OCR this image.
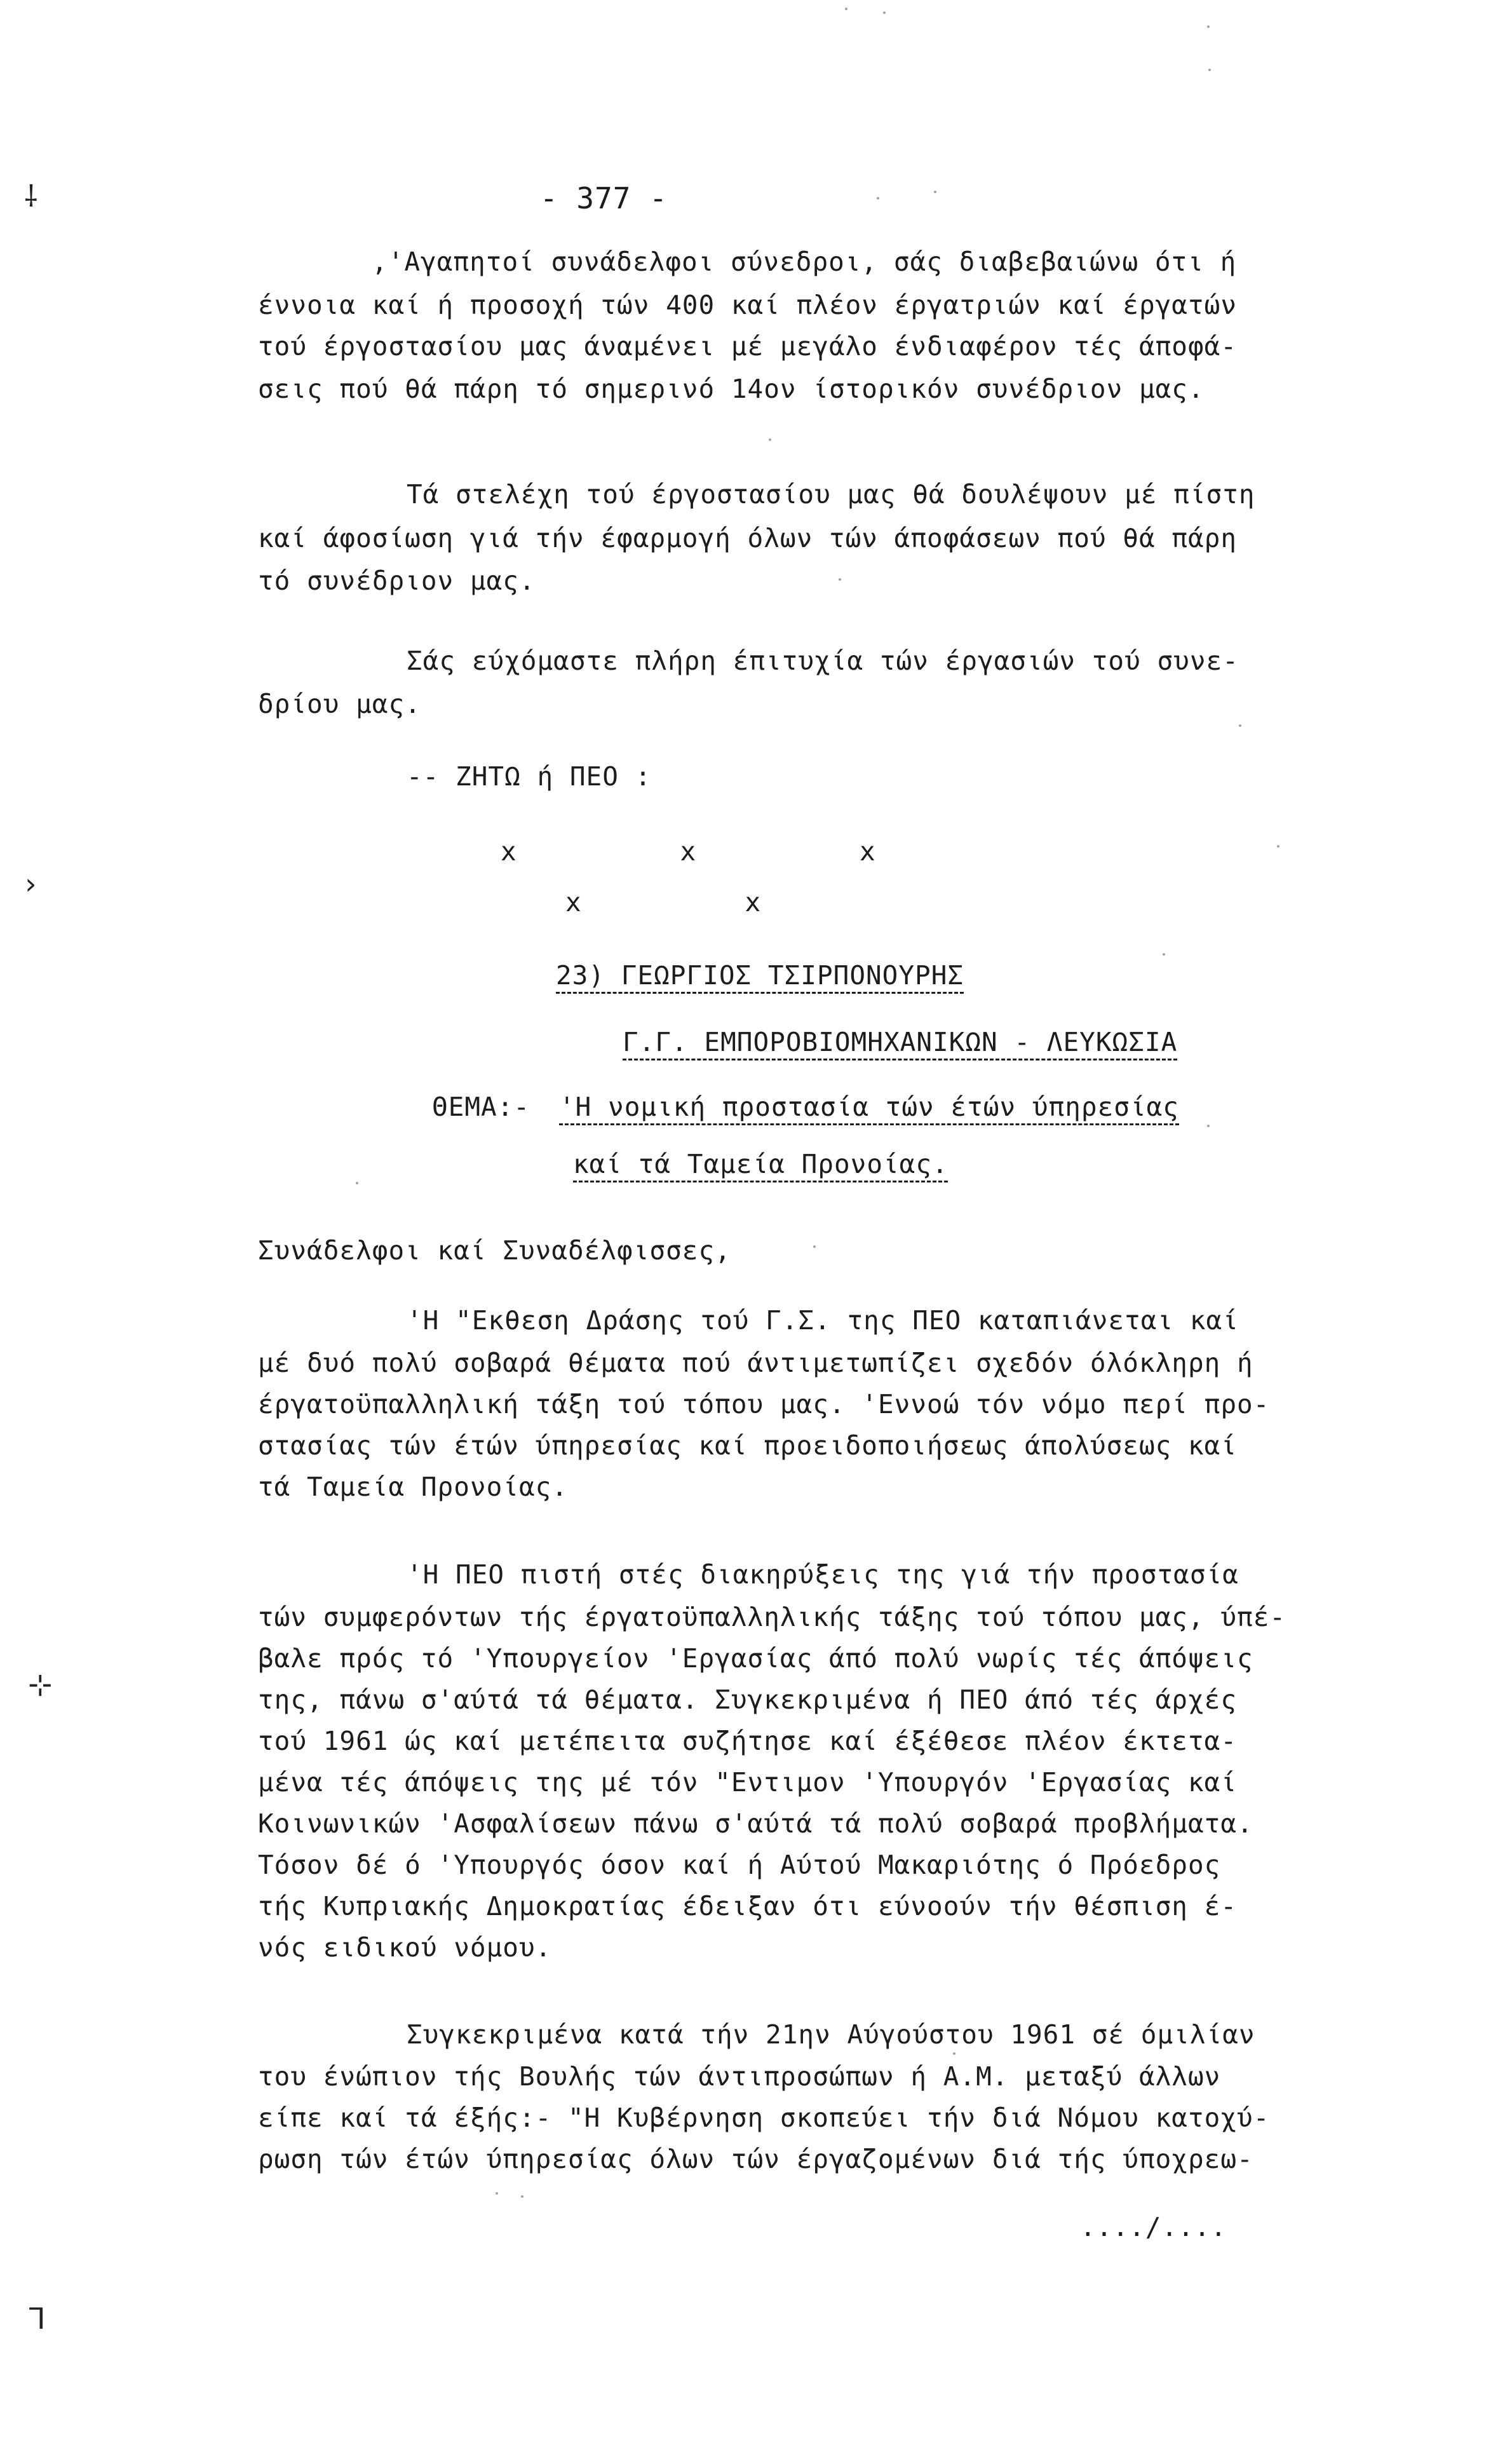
- 377 -
,'Αγαπητοί συνάδελφοι σύνεδροι, σάς διαβεβαιώνω ότι ή
έννοια καί ή προσοχή τών 400 καί πλέον έργατριών καί έργατών
τού έργοστασίου μας άναμένει μέ μεγάλο ένδιαφέρον τές άποφά-
σεις πού θά πάρη τό σημερινό 14ον ίστορικόν συνέδριον μας.
Τά στελέχη τού έργοστασίου μας θά δουλέψουν μέ πίστη
καί άφοσίωση γιά τήν έφαρμογή όλων τών άποφάσεων πού θά πάρη
τό συνέδριον μας.
Σάς εύχόμαστε πλήρη έπιτυχία τών έργασιών τού συνε-
δρίου μας.
-- ΖΗΤΩ ή ΠΕΟ :
x          x          x
x          x
23) ΓΕΩΡΓΙΟΣ ΤΣΙΡΠΟΝΟΥΡΗΣ
Γ.Γ. ΕΜΠΟΡΟΒΙΟΜΗΧΑΝΙΚΩΝ - ΛΕΥΚΩΣΙΑ
ΘΕΜΑ:- 'Η νομική προστασία τών έτών ύπηρεσίας
καί τά Ταμεία Προνοίας.
Συνάδελφοι καί Συναδέλφισσες,
'Η "Εκθεση Δράσης τού Γ.Σ. της ΠΕΟ καταπιάνεται καί
μέ δυό πολύ σοβαρά θέματα πού άντιμετωπίζει σχεδόν όλόκληρη ή
έργατοϋπαλληλική τάξη τού τόπου μας. 'Εννοώ τόν νόμο περί προ-
στασίας τών έτών ύπηρεσίας καί προειδοποιήσεως άπολύσεως καί
τά Ταμεία Προνοίας.
'Η ΠΕΟ πιστή στές διακηρύξεις της γιά τήν προστασία
τών συμφερόντων τής έργατοϋπαλληλικής τάξης τού τόπου μας, ύπέ-
βαλε πρός τό 'Υπουργείον 'Εργασίας άπό πολύ νωρίς τές άπόψεις
της, πάνω σ'αύτά τά θέματα. Συγκεκριμένα ή ΠΕΟ άπό τές άρχές
τού 1961 ώς καί μετέπειτα συζήτησε καί έξέθεσε πλέον έκτετα-
μένα τές άπόψεις της μέ τόν "Εντιμον 'Υπουργόν 'Εργασίας καί
Κοινωνικών 'Ασφαλίσεων πάνω σ'αύτά τά πολύ σοβαρά προβλήματα.
Τόσον δέ ό 'Υπουργός όσον καί ή Αύτού Μακαριότης ό Πρόεδρος
τής Κυπριακής Δημοκρατίας έδειξαν ότι εύνοούν τήν θέσπιση έ-
νός ειδικού νόμου.
Συγκεκριμένα κατά τήν 21ην Αύγούστου 1961 σέ όμιλίαν
του ένώπιον τής Βουλής τών άντιπροσώπων ή Α.Μ. μεταξύ άλλων
είπε καί τά έξής:- "Η Κυβέρνηση σκοπεύει τήν διά Νόμου κατοχύ-
ρωση τών έτών ύπηρεσίας όλων τών έργαζομένων διά τής ύποχρεω-
..../....
⸸
›
⊹
⅂
